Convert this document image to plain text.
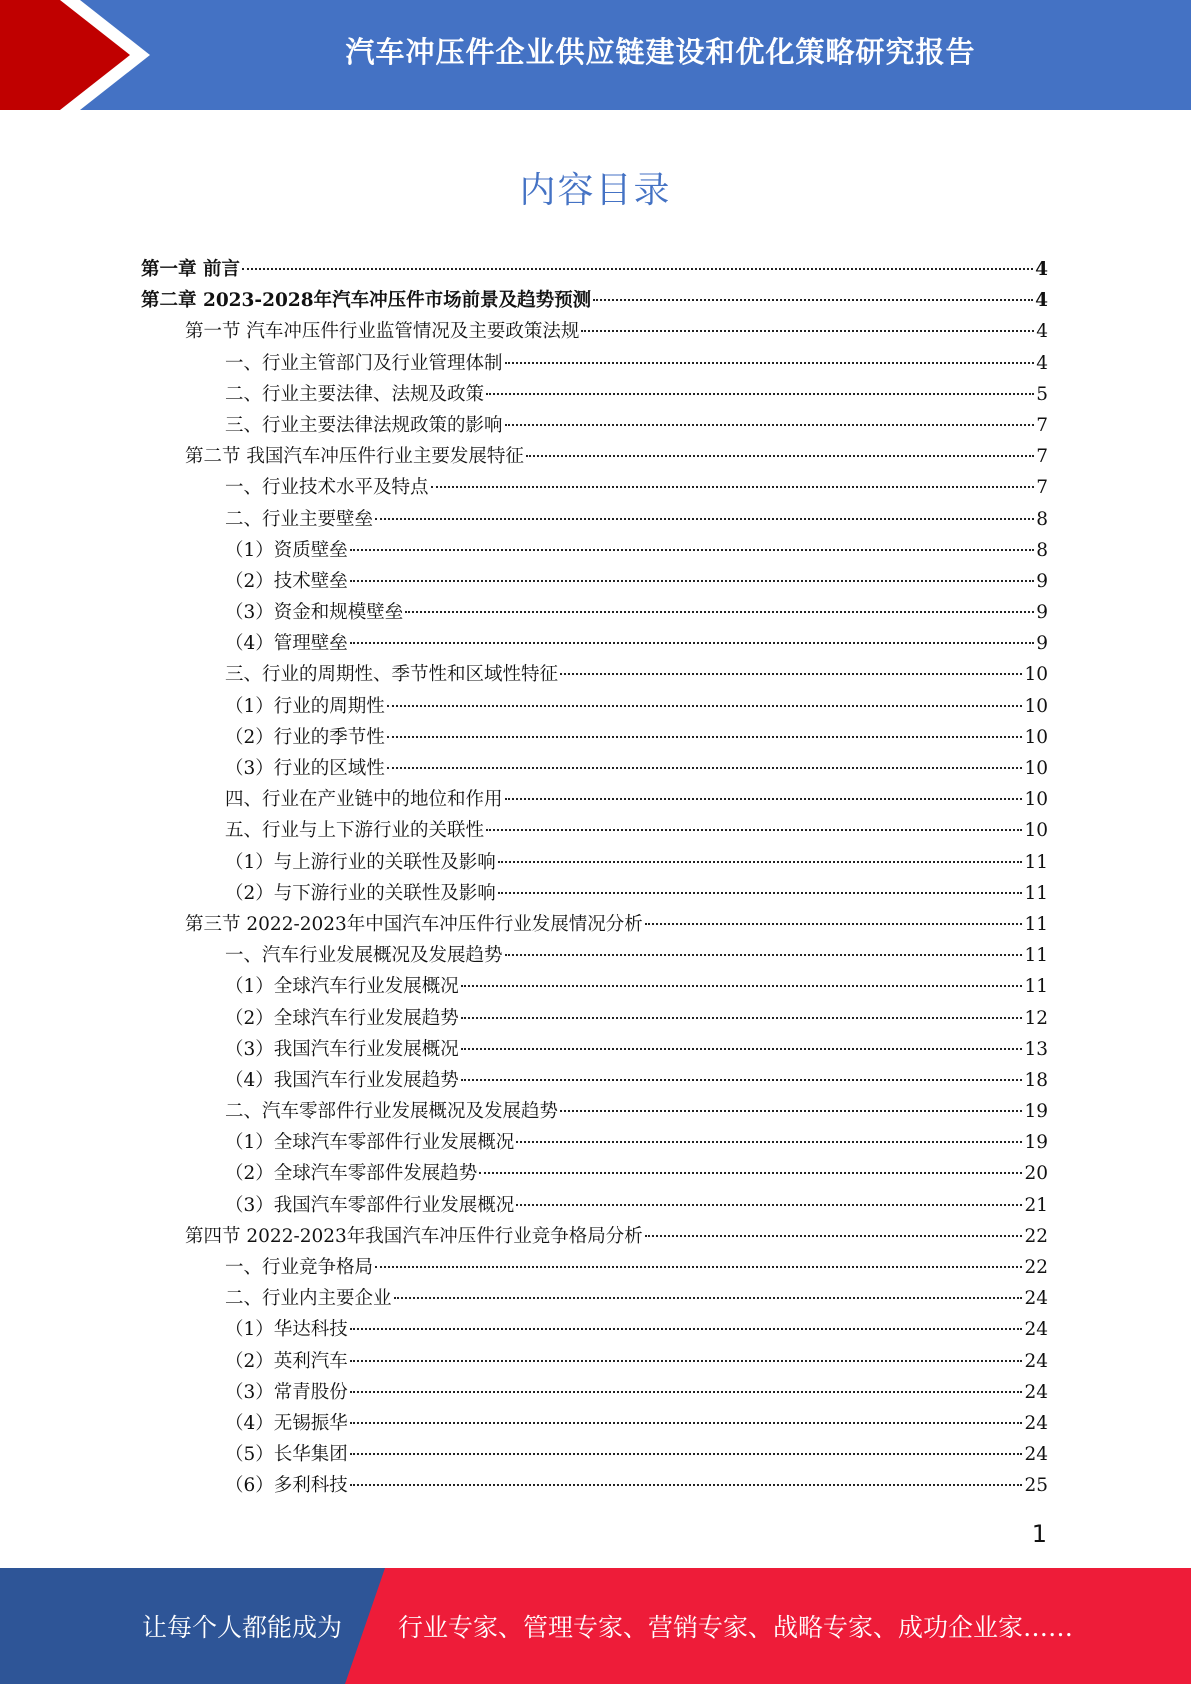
汽车冲压件企业供应链建设和优化策略研究报告
内容目录
第一章 前言	4
第二章 2023-2028年汽车冲压件市场前景及趋势预测	4
第一节 汽车冲压件行业监管情况及主要政策法规	4
一、行业主管部门及行业管理体制	4
二、行业主要法律、法规及政策	5
三、行业主要法律法规政策的影响	7
第二节 我国汽车冲压件行业主要发展特征	7
一、行业技术水平及特点	7
二、行业主要壁垒	8
（1）资质壁垒	8
（2）技术壁垒	9
（3）资金和规模壁垒	9
（4）管理壁垒	9
三、行业的周期性、季节性和区域性特征	10
（1）行业的周期性	10
（2）行业的季节性	10
（3）行业的区域性	10
四、行业在产业链中的地位和作用	10
五、行业与上下游行业的关联性	10
（1）与上游行业的关联性及影响	11
（2）与下游行业的关联性及影响	11
第三节 2022-2023年中国汽车冲压件行业发展情况分析	11
一、汽车行业发展概况及发展趋势	11
（1）全球汽车行业发展概况	11
（2）全球汽车行业发展趋势	12
（3）我国汽车行业发展概况	13
（4）我国汽车行业发展趋势	18
二、汽车零部件行业发展概况及发展趋势	19
（1）全球汽车零部件行业发展概况	19
（2）全球汽车零部件发展趋势	20
（3）我国汽车零部件行业发展概况	21
第四节 2022-2023年我国汽车冲压件行业竞争格局分析	22
一、行业竞争格局	22
二、行业内主要企业	24
（1）华达科技	24
（2）英利汽车	24
（3）常青股份	24
（4）无锡振华	24
（5）长华集团	24
（6）多利科技	25
1
让每个人都能成为 行业专家、管理专家、营销专家、战略专家、成功企业家……
